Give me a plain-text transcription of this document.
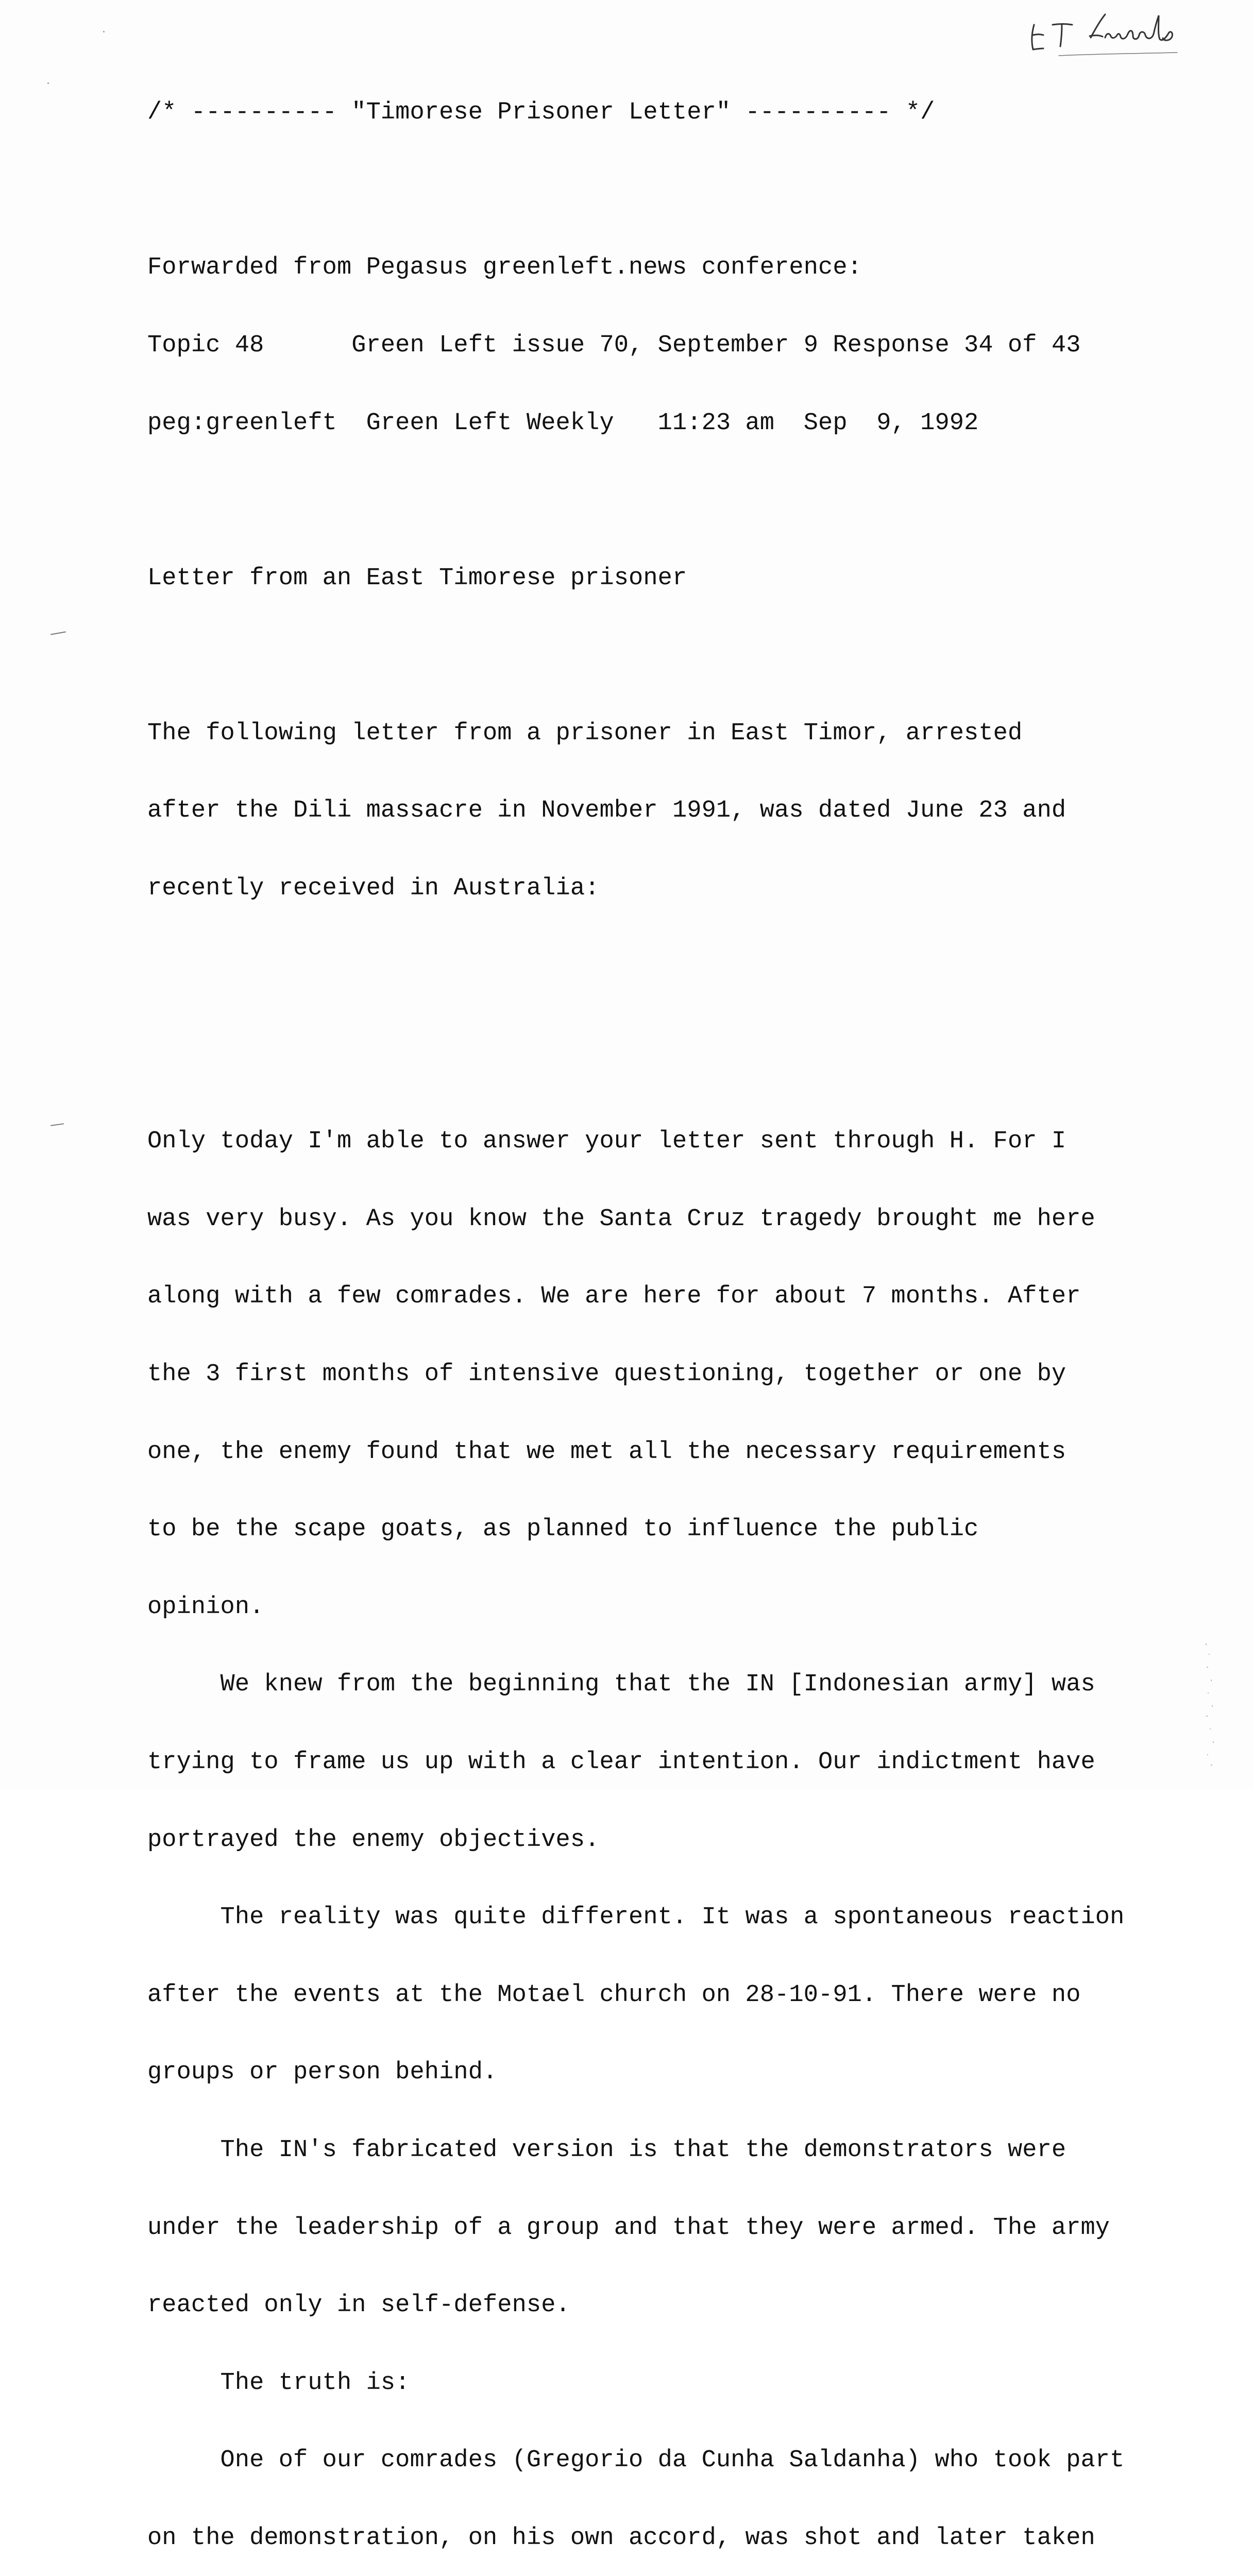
/* ---------- "Timorese Prisoner Letter" ---------- */

Forwarded from Pegasus greenleft.news conference:

Topic 48      Green Left issue 70, September 9 Response 34 of 43

peg:greenleft  Green Left Weekly   11:23 am  Sep  9, 1992

Letter from an East Timorese prisoner

The following letter from a prisoner in East Timor, arrested

after the Dili massacre in November 1991, was dated June 23 and

recently received in Australia:

Only today I'm able to answer your letter sent through H. For I

was very busy. As you know the Santa Cruz tragedy brought me here

along with a few comrades. We are here for about 7 months. After

the 3 first months of intensive questioning, together or one by

one, the enemy found that we met all the necessary requirements

to be the scape goats, as planned to influence the public

opinion.

We knew from the beginning that the IN [Indonesian army] was

trying to frame us up with a clear intention. Our indictment have

portrayed the enemy objectives.

The reality was quite different. It was a spontaneous reaction

after the events at the Motael church on 28-10-91. There were no

groups or person behind.

The IN's fabricated version is that the demonstrators were

under the leadership of a group and that they were armed. The army

reacted only in self-defense.

The truth is:

One of our comrades (Gregorio da Cunha Saldanha) who took part

on the demonstration, on his own accord, was shot and later taken
